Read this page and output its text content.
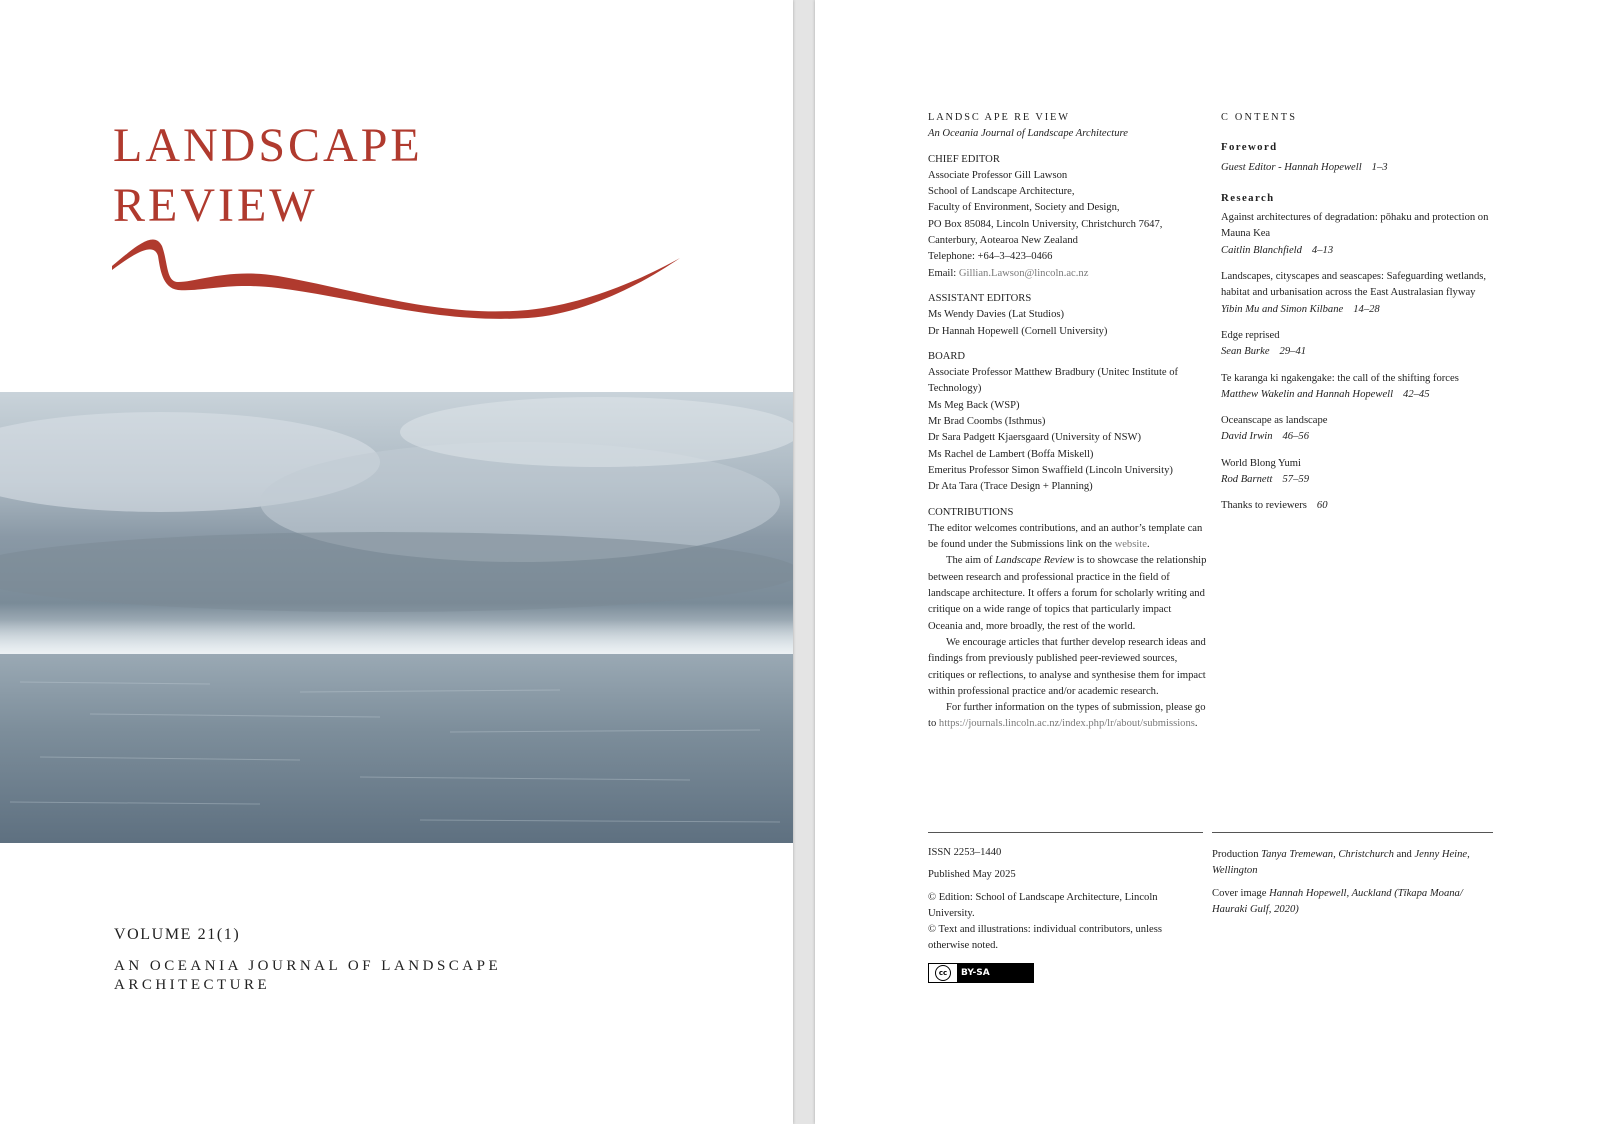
LANDSCAPE
REVIEW
VOLUME 21(1)
AN OCEANIA JOURNAL OF LANDSCAPE ARCHITECTURE

LANDSC APE RE VIEW

An Oceania Journal of Landscape Architecture

CHIEF EDITOR

Associate Professor Gill Lawson

School of Landscape Architecture,

Faculty of Environment, Society and Design,

PO Box 85084, Lincoln University, Christchurch 7647,

Canterbury, Aotearoa New Zealand

Telephone: +64–3–423–0466

Email: Gillian.Lawson@lincoln.ac.nz

ASSISTANT EDITORS

Ms Wendy Davies (Lat Studios)

Dr Hannah Hopewell (Cornell University)

BOARD

Associate Professor Matthew Bradbury (Unitec Institute of Technology)

Ms Meg Back (WSP)

Mr Brad Coombs (Isthmus)

Dr Sara Padgett Kjaersgaard (University of NSW)

Ms Rachel de Lambert (Boffa Miskell)

Emeritus Professor Simon Swaffield (Lincoln University)

Dr Ata Tara (Trace Design + Planning)

CONTRIBUTIONS

The editor welcomes contributions, and an author’s template can be found under the Submissions link on the website.

The aim of Landscape Review is to showcase the relationship between research and professional practice in the field of landscape architecture. It offers a forum for scholarly writing and critique on a wide range of topics that particularly impact Oceania and, more broadly, the rest of the world.

We encourage articles that further develop research ideas and findings from previously published peer-reviewed sources, critiques or reflections, to analyse and synthesise them for impact within professional practice and/or academic research.

For further information on the types of submission, please go to https://journals.lincoln.ac.nz/index.php/lr/about/submissions.

C ONTENTS

Foreword

Guest Editor - Hannah Hopewell 1–3

Research

Against architectures of degradation: pōhaku and protection on Mauna Kea

Caitlin Blanchfield 4–13

Landscapes, cityscapes and seascapes: Safeguarding wetlands, habitat and urbanisation across the East Australasian flyway

Yibin Mu and Simon Kilbane 14–28

Edge reprised

Sean Burke 29–41

Te karanga ki ngakengake: the call of the shifting forces

Matthew Wakelin and Hannah Hopewell 42–45

Oceanscape as landscape

David Irwin 46–56

World Blong Yumi

Rod Barnett 57–59

Thanks to reviewers 60

ISSN 2253–1440

Published May 2025

© Edition: School of Landscape Architecture, Lincoln University.

© Text and illustrations: individual contributors, unless otherwise noted.

cc	BY-SA

Production Tanya Tremewan, Christchurch and Jenny Heine, Wellington

Cover image Hannah Hopewell, Auckland (Tīkapa Moana/ Hauraki Gulf, 2020)
